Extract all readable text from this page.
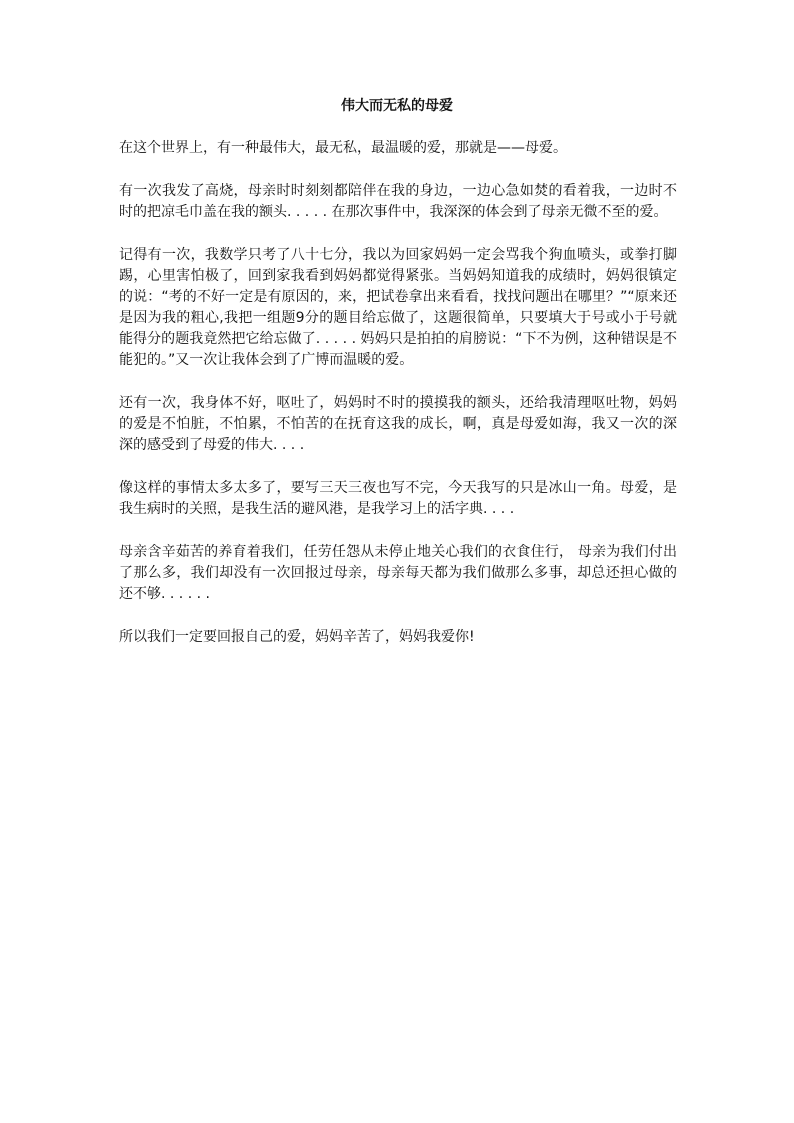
伟大而无私的母爱

在这个世界上，有一种最伟大，最无私，最温暖的爱，那就是——母爱。

有一次我发了高烧，母亲时时刻刻都陪伴在我的身边，一边心急如焚的看着我，一边时不时的把凉毛巾盖在我的额头. . . . . 在那次事件中，我深深的体会到了母亲无微不至的爱。

记得有一次，我数学只考了八十七分，我以为回家妈妈一定会骂我个狗血喷头，或拳打脚踢，心里害怕极了，回到家我看到妈妈都觉得紧张。当妈妈知道我的成绩时，妈妈很镇定的说：“考的不好一定是有原因的，来，把试卷拿出来看看，找找问题出在哪里？”“原来还是因为我的粗心,我把一组题9分的题目给忘做了，这题很简单，只要填大于号或小于号就能得分的题我竟然把它给忘做了. . . . . 妈妈只是拍拍的肩膀说：“下不为例，这种错误是不能犯的。”又一次让我体会到了广博而温暖的爱。

还有一次，我身体不好，呕吐了，妈妈时不时的摸摸我的额头，还给我清理呕吐物，妈妈的爱是不怕脏，不怕累，不怕苦的在抚育这我的成长，啊，真是母爱如海，我又一次的深深的感受到了母爱的伟大. . . .

像这样的事情太多太多了，要写三天三夜也写不完，今天我写的只是冰山一角。母爱，是我生病时的关照，是我生活的避风港，是我学习上的活字典. . . .

母亲含辛茹苦的养育着我们，任劳任怨从未停止地关心我们的衣食住行， 母亲为我们付出了那么多，我们却没有一次回报过母亲，母亲每天都为我们做那么多事，却总还担心做的还不够. . . . . .

所以我们一定要回报自己的爱，妈妈辛苦了，妈妈我爱你!
